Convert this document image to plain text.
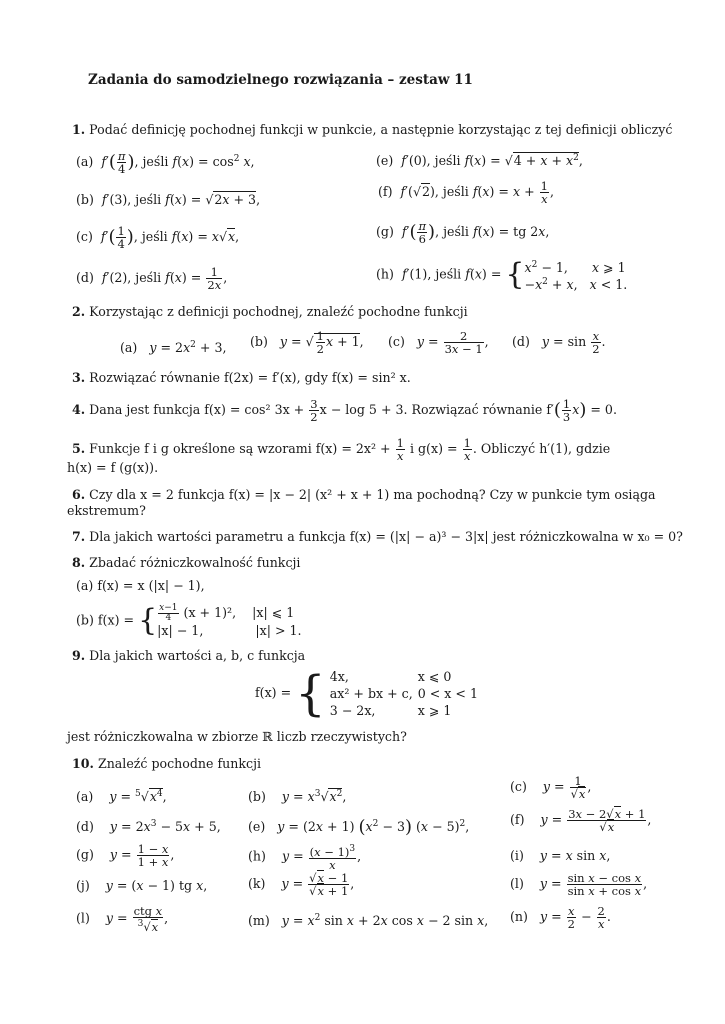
Zadania do samodzielnego rozwiązania – zestaw 11
1. Podać definicję pochodnej funkcji w punkcie, a następnie korzystając z tej definicji obliczyć
(a)  $f'( \frac{\pi}{4}$ ), jeśli $f(x) = \cos^2 x$,
(b)  f′(3), jeśli f(x) = √2x + 3,
(c)  $f'( \frac{1}{4}$ ), jeśli f(x) = x√x,
(d)  f′(2), jeśli $f(x) = \frac{1}{2x}$ ,
(e)  f′(0), jeśli $f(x) = √4 + x + x^2$,
(f)  f′(√2), jeśli $f(x) = x + \frac{1}{x}$ ,
(g)  $f'( \frac{\pi}{6}$ ), jeśli f(x) = tg 2x,
(h)  f′(1), jeśli f(x) = { $x^2 - 1$,      x ⩾ 1
$-x^2 + x$,   x < 1.
2. Korzystając z definicji pochodnej, znaleźć pochodne funkcji
(a)   $y = 2x^2 + 3$, (b)   y = √ $\frac{1}{2}$ x + 1, (c)   $y = \frac{2}{3x - 1}$ , (d)   $y = \sin \frac{x}{2}$ .
3. Rozwiązać równanie f(2x) = f′(x), gdy f(x) = sin² x.
4. Dana jest funkcja f(x) = cos² $3x + \frac{3}{2}$ x − log 5 + 3. Rozwiązać równanie $f'( \frac{1}{3} x) = 0$.
5. Funkcje f i g określone są wzorami $f(x) = 2x^2 + \frac{1}{x}$ i $g(x) = \frac{1}{x}$ . Obliczyć h′(1), gdzie
h(x) = f (g(x)).
6. Czy dla x = 2 funkcja f(x) = |x − 2| (x² + x + 1) ma pochodną? Czy w punkcie tym osiąga
ekstremum?
7. Dla jakich wartości parametru a funkcja f(x) = (|x| − a)³ − 3|x| jest różniczkowalna w x₀ = 0?
8. Zbadać różniczkowalność funkcji
(a) f(x) = x (|x| − 1),
(b) f(x) = { $\frac{x-1}{4} (x + 1)^2$, |x| ⩽ 1
|x| − 1,	|x| > 1.
9. Dla jakich wartości a, b, c funkcja
f(x) = { 4x,	x ⩽ 0
ax² + bx + c, 0 < x < 1
3 − 2x,	x ⩾ 1
jest różniczkowalna w zbiorze ℝ liczb rzeczywistych?
10. Znaleźć pochodne funkcji
(a)    $y = ^5√x^4$,	(b)    $y = x^3√x^2$,
(c)    $y = \frac{1}{√x}$ ,
(d)    $y = 2x^3 - 5x + 5$, (e)   y = (2x + 1) $(x^2 - 3) (x - 5)^2$,	(f)    $y = \frac{3x - 2√x + 1}{√x}$ ,
(g)    $y = \frac{1 - x}{1 + x}$ ,	(h)    $y = \frac{(x - 1)^3}{x}$ ,	(i)    y = x sin x,
(j)    y = (x − 1) tg x,	(k)    $y = \frac{√x - 1}{√x + 1}$ ,	(l)    $y = \frac{\text{sin x − cos x}}{\text{sin x + cos x}}$ ,
(l)    $y = \frac{\text{ctg x}}{^3√x}$ ,	(m)   $y = x^2$ sin x + 2x cos x − 2 sin x, (n)   $y = \frac{x}{2} - \frac{2}{x}$ .
